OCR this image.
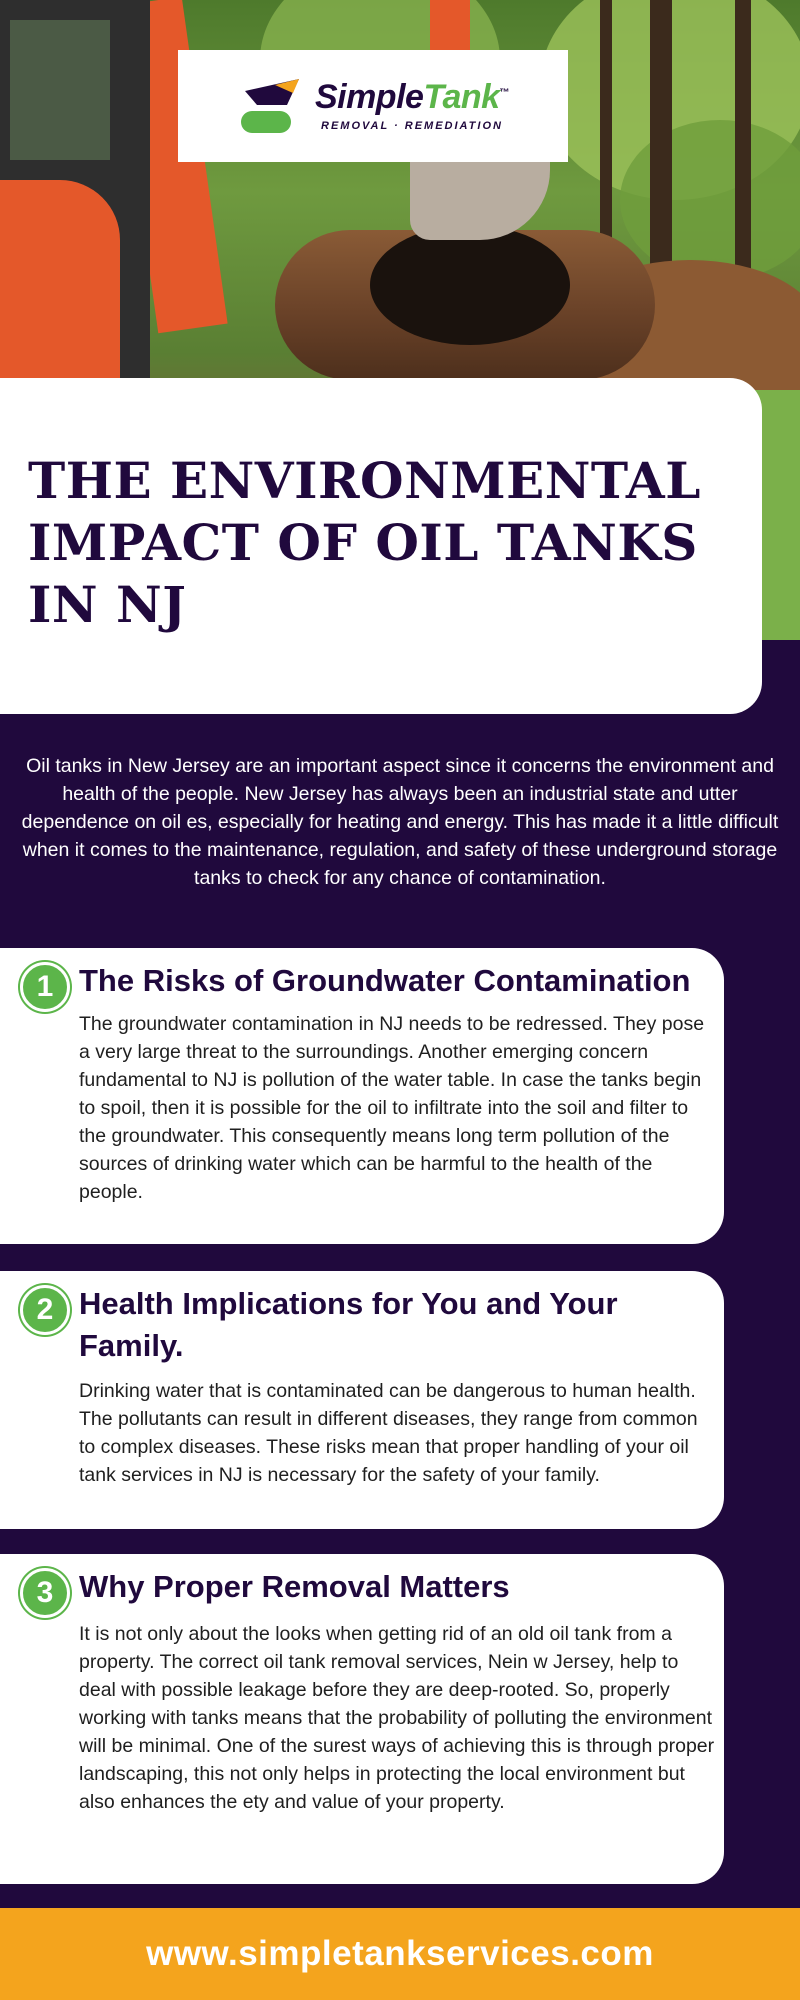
SimpleTank™
REMOVAL · REMEDIATION
THE ENVIRONMENTAL IMPACT OF OIL TANKS IN NJ
Oil tanks in New Jersey are an important aspect since it concerns the environment and health of the people. New Jersey has always been an industrial state and utter dependence on oil es, especially for heating and energy. This has made it a little difficult when it comes to the maintenance, regulation, and safety of these underground storage tanks to check for any chance of contamination.
1 The Risks of Groundwater Contamination

The groundwater contamination in NJ needs to be redressed. They pose a very large threat to the surroundings. Another emerging concern fundamental to NJ is pollution of the water table. In case the tanks begin to spoil, then it is possible for the oil to infiltrate into the soil and filter to the groundwater. This consequently means long term pollution of the sources of drinking water which can be harmful to the health of the people.

2 Health Implications for You and Your Family.

Drinking water that is contaminated can be dangerous to human health. The pollutants can result in different diseases, they range from common to complex diseases. These risks mean that proper handling of your oil tank services in NJ is necessary for the safety of your family.

3 Why Proper Removal Matters

It is not only about the looks when getting rid of an old oil tank from a property. The correct oil tank removal services, Nein w Jersey, help to deal with possible leakage before they are deep-rooted. So, properly working with tanks means that the probability of polluting the environment will be minimal. One of the surest ways of achieving this is through proper landscaping, this not only helps in protecting the local environment but also enhances the ety and value of your property.

www.simpletankservices.com
